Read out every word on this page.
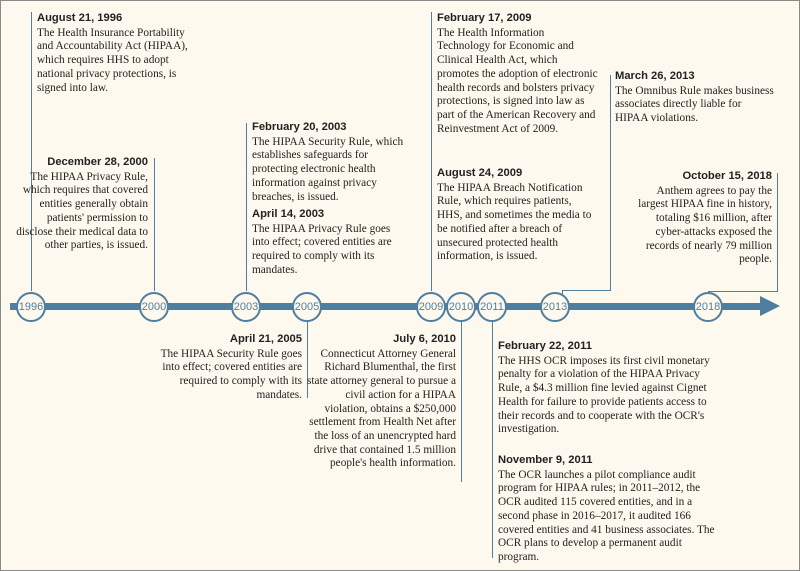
1996	2000	2003	2005	2009 2010 2011	2013	2018
August 21, 1996
The Health Insurance Portability and Accountability Act (HIPAA), which requires HHS to adopt national privacy protections, is signed into law.
December 28, 2000
The HIPAA Privacy Rule, which requires that covered entities generally obtain patients' permission to disclose their medical data to other parties, is issued.
February 20, 2003
The HIPAA Security Rule, which establishes safeguards for protecting electronic health information against privacy breaches, is issued.
April 14, 2003
The HIPAA Privacy Rule goes into effect; covered entities are required to comply with its mandates.
April 21, 2005
The HIPAA Security Rule goes into effect; covered entities are required to comply with its mandates.
February 17, 2009
The Health Information Technology for Economic and Clinical Health Act, which promotes the adoption of electronic health records and bolsters privacy protections, is signed into law as part of the American Recovery and Reinvestment Act of 2009.
August 24, 2009
The HIPAA Breach Notification Rule, which requires patients, HHS, and sometimes the media to be notified after a breach of unsecured protected health information, is issued.
July 6, 2010
Connecticut Attorney General Richard Blumenthal, the first state attorney general to pursue a civil action for a HIPAA violation, obtains a $250,000 settlement from Health Net after the loss of an unencrypted hard drive that contained 1.5 million people's health information.
February 22, 2011
The HHS OCR imposes its first civil monetary penalty for a violation of the HIPAA Privacy Rule, a $4.3 million fine levied against Cignet Health for failure to provide patients access to their records and to cooperate with the OCR's investigation.
November 9, 2011
The OCR launches a pilot compliance audit program for HIPAA rules; in 2011–2012, the OCR audited 115 covered entities, and in a second phase in 2016–2017, it audited 166 covered entities and 41 business associates. The OCR plans to develop a permanent audit program.
March 26, 2013
The Omnibus Rule makes business associates directly liable for HIPAA violations.
October 15, 2018
Anthem agrees to pay the largest HIPAA fine in history, totaling $16 million, after cyber-attacks exposed the records of nearly 79 million people.
